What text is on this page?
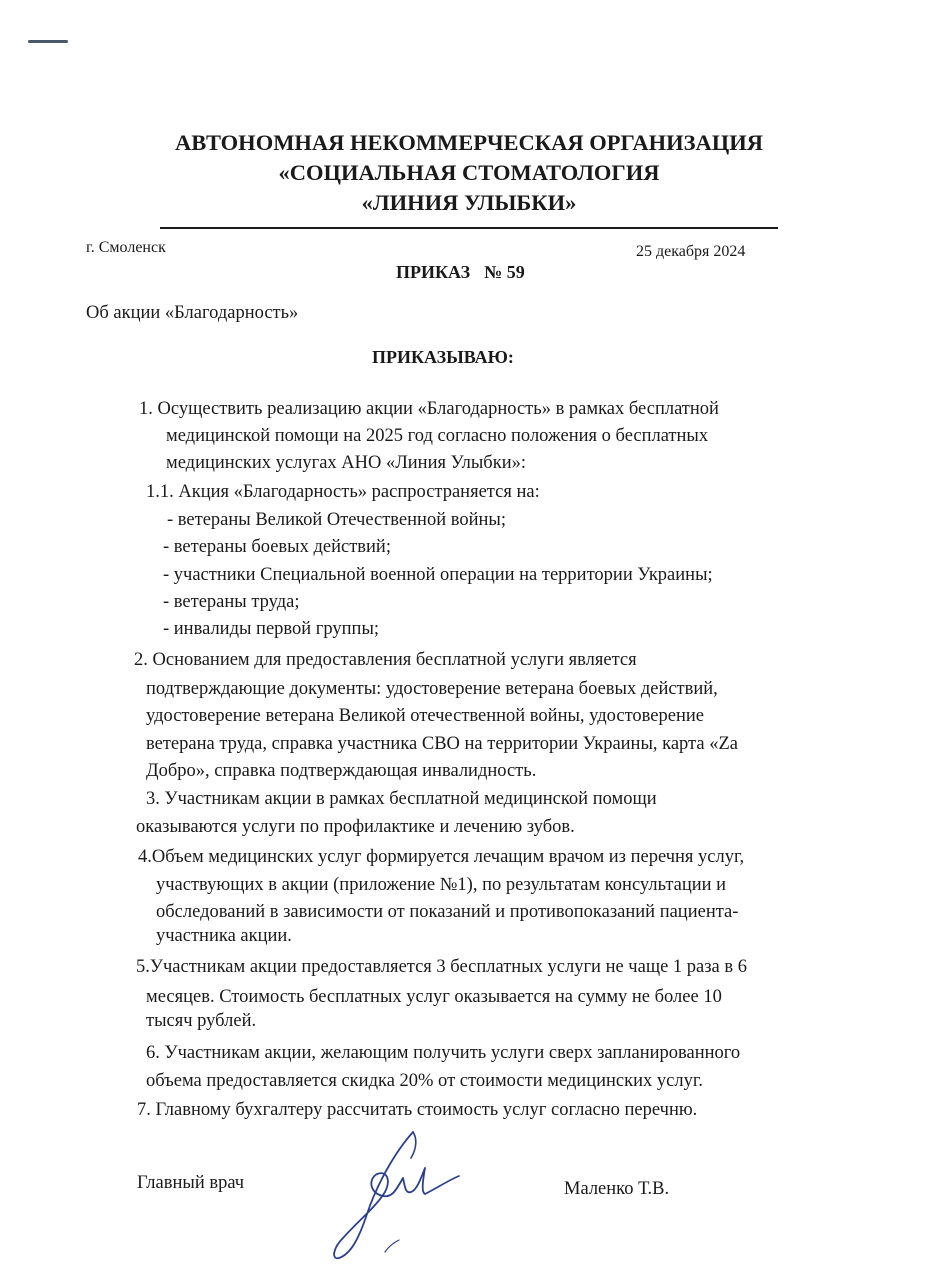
АВТОНОМНАЯ НЕКОММЕРЧЕСКАЯ ОРГАНИЗАЦИЯ
«СОЦИАЛЬНАЯ СТОМАТОЛОГИЯ
«ЛИНИЯ УЛЫБКИ»
г. Смоленск	25 декабря 2024
ПРИКАЗ № 59
Об акции «Благодарность»
ПРИКАЗЫВАЮ:
1. Осуществить реализацию акции «Благодарность» в рамках бесплатной
медицинской помощи на 2025 год согласно положения о бесплатных
медицинских услугах АНО «Линия Улыбки»:
1.1. Акция «Благодарность» распространяется на:
- ветераны Великой Отечественной войны;
- ветераны боевых действий;
- участники Специальной военной операции на территории Украины;
- ветераны труда;
- инвалиды первой группы;
2. Основанием для предоставления бесплатной услуги является
подтверждающие документы: удостоверение ветерана боевых действий,
удостоверение ветерана Великой отечественной войны, удостоверение
ветерана труда, справка участника СВО на территории Украины, карта «Za
Добро», справка подтверждающая инвалидность.
3. Участникам акции в рамках бесплатной медицинской помощи
оказываются услуги по профилактике и лечению зубов.
4.Объем медицинских услуг формируется лечащим врачом из перечня услуг,
участвующих в акции (приложение №1), по результатам консультации и
обследований в зависимости от показаний и противопоказаний пациента-
участника акции.
5.Участникам акции предоставляется 3 бесплатных услуги не чаще 1 раза в 6
месяцев. Стоимость бесплатных услуг оказывается на сумму не более 10
тысяч рублей.
6. Участникам акции, желающим получить услуги сверх запланированного
объема предоставляется скидка 20% от стоимости медицинских услуг.
7. Главному бухгалтеру рассчитать стоимость услуг согласно перечню.
Главный врач	Маленко Т.В.
